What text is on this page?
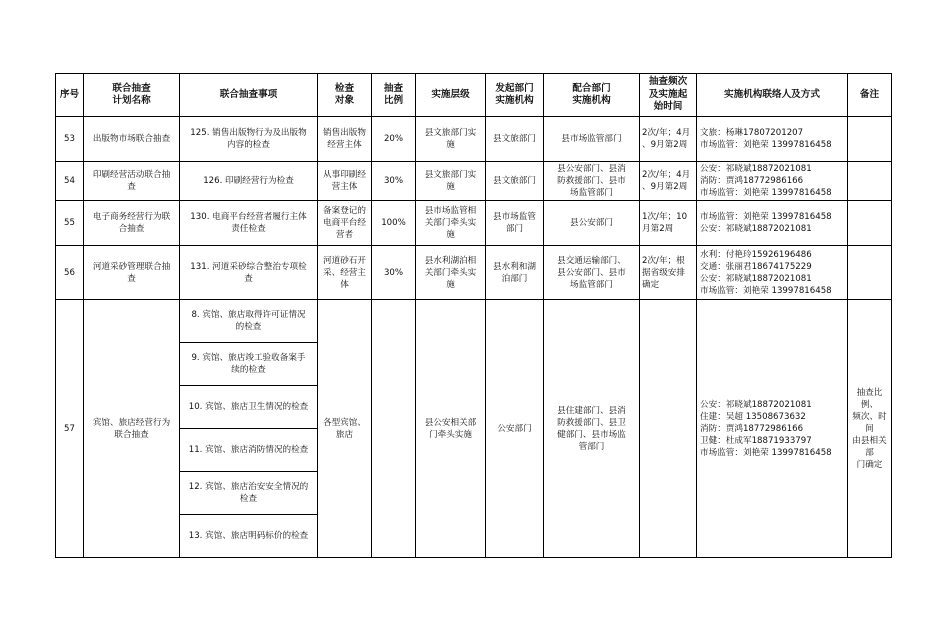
序号	联合抽查
计划名称	联合抽查事项	检查
对象	抽查
比例	实施层级	发起部门
实施机构	配合部门
实施机构	抽查频次
及实施起
始时间	实施机构联络人及方式	备注
53	出版物市场联合抽查	125. 销售出版物行为及出版物
内容的检查	销售出版物
经营主体	20%	县文旅部门实
施	县文旅部门	县市场监管部门	2次/年；4月
、9月第2周	文旅：杨琳17807201207
市场监管：刘艳荣 13997816458	
54	印刷经营活动联合抽
查	126. 印刷经营行为检查	从事印刷经
营主体	30%	县文旅部门实
施	县文旅部门	县公安部门、县消
防救援部门、县市
场监管部门	2次/年；4月
、9月第2周	公安：祁晓斌18872021081
消防：贾鸿18772986166
市场监管：刘艳荣 13997816458	
55	电子商务经营行为联
合抽查	130. 电商平台经营者履行主体
责任检查	备案登记的
电商平台经
营者	100%	县市场监管相
关部门牵头实
施	县市场监管
部门	县公安部门	1次/年；10
月第2周	市场监管：刘艳荣 13997816458
公安：祁晓斌18872021081	
56	河道采砂管理联合抽
查	131. 河道采砂综合整治专项检
查	河道砂石开
采、经营主
体	30%	县水利湖泊相
关部门牵头实
施	县水利和湖
泊部门	县交通运输部门、
县公安部门、县市
场监管部门	2次/年；根
据省级安排
确定	水利：付艳玲15926196486
交通：张丽君18674175229
公安：祁晓斌18872021081
市场监管：刘艳荣 13997816458	
57	宾馆、旅店经营行为
联合抽查	8. 宾馆、旅店取得许可证情况
的检查	各型宾馆、
旅店		县公安相关部
门牵头实施	公安部门	县住建部门、县消
防救援部门、县卫
健部门、县市场监
管部门		公安：祁晓斌18872021081
住建：吴超 13508673632
消防：贾鸿18772986166
卫健：杜成军18871933797
市场监管：刘艳荣 13997816458	抽查比例、
频次、时间
由县相关部
门确定
		9. 宾馆、旅店竣工验收备案手
续的检查								
		10. 宾馆、旅店卫生情况的检查								
		11. 宾馆、旅店消防情况的检查								
		12. 宾馆、旅店治安安全情况的
检查								
		13. 宾馆、旅店明码标价的检查								
